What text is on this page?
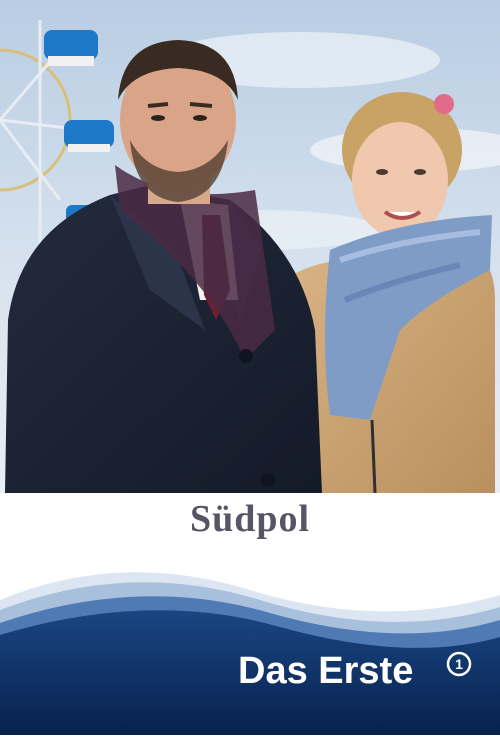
Südpol
Das Erste	1
